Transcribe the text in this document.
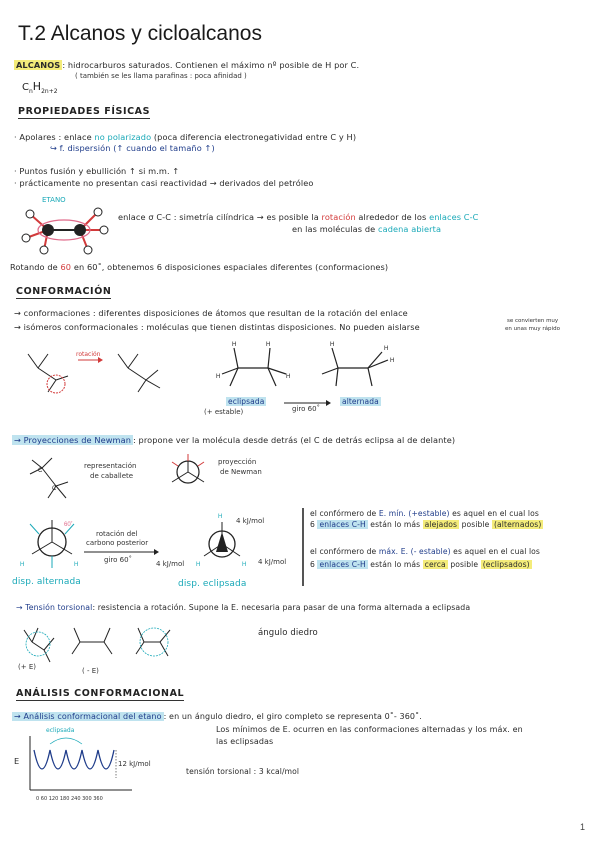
T.2 Alcanos y cicloalcanos
ALCANOS : hidrocarburos saturados. Contienen el máximo nº posible de H por C.
( también se les llama parafinas : poca afinidad )
$C_nH_{2n+2}$
PROPIEDADES FÍSICAS
· Apolares : enlace no polarizado (poca diferencia electronegatividad entre C y H)
↪ f. dispersión (↑ cuando el tamaño ↑)
· Puntos fusión y ebullición ↑ si m.m. ↑
· prácticamente no presentan casi reactividad → derivados del petróleo
ETANO
enlace σ C-C : simetría cilíndrica → es posible la rotación alrededor de los enlaces C-C
en las moléculas de cadena abierta
Rotando de 60 en 60˚, obtenemos 6 disposiciones espaciales diferentes (conformaciones)
CONFORMACIÓN
→ conformaciones : diferentes disposiciones de átomos que resultan de la rotación del enlace
→ isómeros conformacionales : moléculas que tienen distintas disposiciones. No pueden aislarse
se convierten muy
en unas muy rápido
rotación
H
H
H
H
H
H
H
eclipsada	alternada
(+ estable)	giro 60˚
→ Proyecciones de Newman : propone ver la molécula desde detrás (el C de detrás eclipsa al de delante)
C
C
representación
de caballete
proyección
de Newman
H	H
60˚
rotación del
carbono posterior
giro 60˚
H
H	H
4 kJ/mol
4 kJ/mol	4 kJ/mol
disp. alternada	disp. eclipsada
el confórmero de E. mín. (+estable) es aquel en el cual los
6 enlaces C-H están lo más alejados posible (alternados)
el confórmero de máx. E. (- estable) es aquel en el cual los
6 enlaces C-H están lo más cerca posible (eclipsados)
→ Tensión torsional: resistencia a rotación. Supone la E. necesaria para pasar de una forma alternada a eclipsada
ángulo diedro
(+ E)	( - E)
ANÁLISIS CONFORMACIONAL
→ Análisis conformacional del etano : en un ángulo diedro, el giro completo se representa 0˚- 360˚.
Los mínimos de E. ocurren en las conformaciones alternadas y los máx. en
las eclipsadas
eclipsada
E	12 kJ/mol
0 60 120 180 240 300 360
tensión torsional : 3 kcal/mol
1
